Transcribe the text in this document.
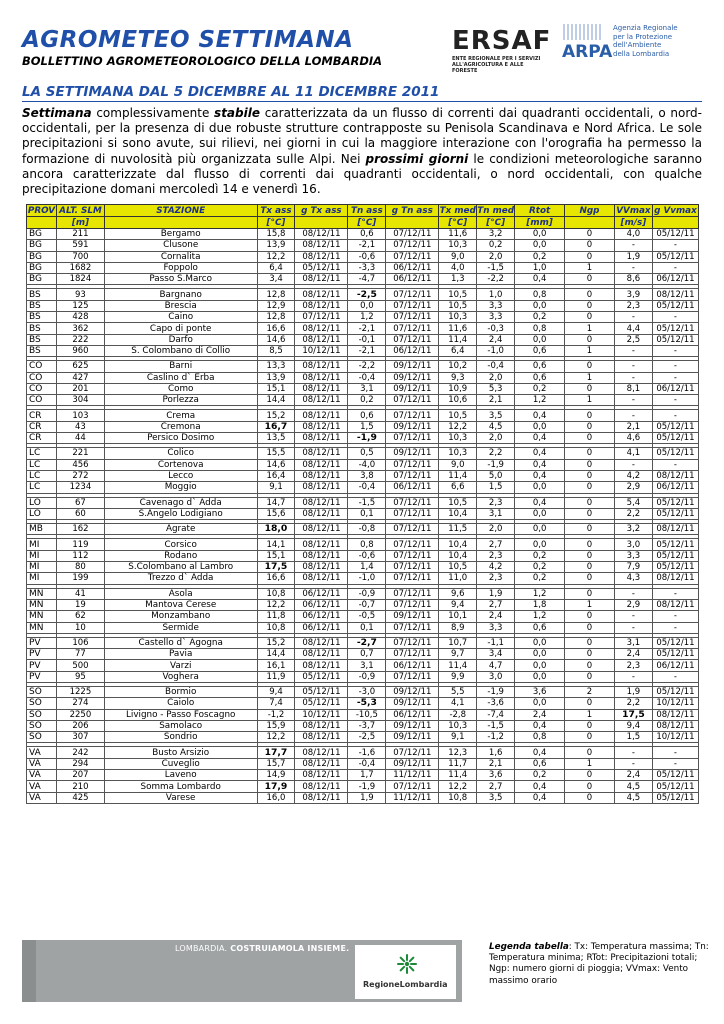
AGROMETEO SETTIMANA
BOLLETTINO AGROMETEOROLOGICO DELLA LOMBARDIA
ERSAF
ENTE REGIONALE PER I SERVIZI
ALL'AGRICOLTURA E ALLE FORESTE
ARPA
Agenzia Regionale
per la Protezione dell'Ambiente
della Lombardia
LA SETTIMANA DAL 5 DICEMBRE AL 11 DICEMBRE 2011
Settimana complessivamente stabile caratterizzata da un flusso di correnti dai quadranti occidentali, o nord-occidentali, per la presenza di due robuste strutture contrapposte su Penisola Scandinava e Nord Africa. Le sole precipitazioni si sono avute, sui rilievi, nei giorni in cui la maggiore interazione con l'orografia ha permesso la formazione di nuvolosità più organizzata sulle Alpi. Nei prossimi giorni le condizioni meteorologiche saranno ancora caratterizzate dal flusso di correnti dai quadranti occidentali, o nord occidentali, con qualche precipitazione domani mercoledì 14 e venerdì 16.
PROV	ALT. SLM	STAZIONE	Tx ass	g Tx ass	Tn ass	g Tn ass	Tx med	Tn med	Rtot	Ngp	VVmax	g Vvmax
	[m]		[°C]		[°C]		[°C]	[°C]	[mm]		[m/s]	
BG	211	Bergamo	15,8	08/12/11	0,6	07/12/11	11,6	3,2	0,0	0	4,0	05/12/11
BG	591	Clusone	13,9	08/12/11	-2,1	07/12/11	10,3	0,2	0,0	0	-	-
BG	700	Cornalita	12,2	08/12/11	-0,6	07/12/11	9,0	2,0	0,2	0	1,9	05/12/11
BG	1682	Foppolo	6,4	05/12/11	-3,3	06/12/11	4,0	-1,5	1,0	1	-	-
BG	1824	Passo S.Marco	3,4	08/12/11	-4,7	06/12/11	1,3	-2,2	0,4	0	8,6	06/12/11

BS	93	Bargnano	12,8	08/12/11	-2,5	07/12/11	10,5	1,0	0,8	0	3,9	08/12/11
BS	125	Brescia	12,9	08/12/11	0,0	07/12/11	10,5	3,3	0,0	0	2,3	05/12/11
BS	428	Caino	12,8	07/12/11	1,2	07/12/11	10,3	3,3	0,2	0	-	-
BS	362	Capo di ponte	16,6	08/12/11	-2,1	07/12/11	11,6	-0,3	0,8	1	4,4	05/12/11
BS	222	Darfo	14,6	08/12/11	-0,1	07/12/11	11,4	2,4	0,0	0	2,5	05/12/11
BS	960	S. Colombano di Collio	8,5	10/12/11	-2,1	06/12/11	6,4	-1,0	0,6	1	-	-

CO	625	Barni	13,3	08/12/11	-2,2	09/12/11	10,2	-0,4	0,6	0	-	-
CO	427	Caslino d` Erba	13,9	08/12/11	-0,4	09/12/11	9,3	2,0	0,6	1	-	-
CO	201	Como	15,1	08/12/11	3,1	09/12/11	10,9	5,3	0,2	0	8,1	06/12/11
CO	304	Porlezza	14,4	08/12/11	0,2	07/12/11	10,6	2,1	1,2	1	-	-

CR	103	Crema	15,2	08/12/11	0,6	07/12/11	10,5	3,5	0,4	0	-	-
CR	43	Cremona	16,7	08/12/11	1,5	09/12/11	12,2	4,5	0,0	0	2,1	05/12/11
CR	44	Persico Dosimo	13,5	08/12/11	-1,9	07/12/11	10,3	2,0	0,4	0	4,6	05/12/11

LC	221	Colico	15,5	08/12/11	0,5	09/12/11	10,3	2,2	0,4	0	4,1	05/12/11
LC	456	Cortenova	14,6	08/12/11	-4,0	07/12/11	9,0	-1,9	0,4	0	-	-
LC	272	Lecco	16,4	08/12/11	3,8	07/12/11	11,4	5,0	0,4	0	4,2	08/12/11
LC	1234	Moggio	9,1	08/12/11	-0,4	06/12/11	6,6	1,5	0,0	0	2,9	06/12/11

LO	67	Cavenago d` Adda	14,7	08/12/11	-1,5	07/12/11	10,5	2,3	0,4	0	5,4	05/12/11
LO	60	S.Angelo Lodigiano	15,6	08/12/11	0,1	07/12/11	10,4	3,1	0,0	0	2,2	05/12/11

MB	162	Agrate	18,0	08/12/11	-0,8	07/12/11	11,5	2,0	0,0	0	3,2	08/12/11

MI	119	Corsico	14,1	08/12/11	0,8	07/12/11	10,4	2,7	0,0	0	3,0	05/12/11
MI	112	Rodano	15,1	08/12/11	-0,6	07/12/11	10,4	2,3	0,2	0	3,3	05/12/11
MI	80	S.Colombano al Lambro	17,5	08/12/11	1,4	07/12/11	10,5	4,2	0,2	0	7,9	05/12/11
MI	199	Trezzo d` Adda	16,6	08/12/11	-1,0	07/12/11	11,0	2,3	0,2	0	4,3	08/12/11

MN	41	Asola	10,8	06/12/11	-0,9	07/12/11	9,6	1,9	1,2	0	-	-
MN	19	Mantova Cerese	12,2	06/12/11	-0,7	07/12/11	9,4	2,7	1,8	1	2,9	08/12/11
MN	62	Monzambano	11,8	06/12/11	-0,5	09/12/11	10,1	2,4	1,2	0	-	-
MN	10	Sermide	10,8	06/12/11	0,1	07/12/11	8,9	3,3	0,6	0	-	-

PV	106	Castello d` Agogna	15,2	08/12/11	-2,7	07/12/11	10,7	-1,1	0,0	0	3,1	05/12/11
PV	77	Pavia	14,4	08/12/11	0,7	07/12/11	9,7	3,4	0,0	0	2,4	05/12/11
PV	500	Varzi	16,1	08/12/11	3,1	06/12/11	11,4	4,7	0,0	0	2,3	06/12/11
PV	95	Voghera	11,9	05/12/11	-0,9	07/12/11	9,9	3,0	0,0	0	-	-

SO	1225	Bormio	9,4	05/12/11	-3,0	09/12/11	5,5	-1,9	3,6	2	1,9	05/12/11
SO	274	Caiolo	7,4	05/12/11	-5,3	09/12/11	4,1	-3,6	0,0	0	2,2	10/12/11
SO	2250	Livigno - Passo Foscagno	-1,2	10/12/11	-10,5	06/12/11	-2,8	-7,4	2,4	1	17,5	08/12/11
SO	206	Samolaco	15,9	08/12/11	-3,7	09/12/11	10,3	-1,5	0,4	0	9,4	08/12/11
SO	307	Sondrio	12,2	08/12/11	-2,5	09/12/11	9,1	-1,2	0,8	0	1,5	10/12/11

VA	242	Busto Arsizio	17,7	08/12/11	-1,6	07/12/11	12,3	1,6	0,4	0	-	-
VA	294	Cuveglio	15,7	08/12/11	-0,4	09/12/11	11,7	2,1	0,6	1	-	-
VA	207	Laveno	14,9	08/12/11	1,7	11/12/11	11,4	3,6	0,2	0	2,4	05/12/11
VA	210	Somma Lombardo	17,9	08/12/11	-1,9	07/12/11	12,2	2,7	0,4	0	4,5	05/12/11
VA	425	Varese	16,0	08/12/11	1,9	11/12/11	10,8	3,5	0,4	0	4,5	05/12/11
LOMBARDIA. COSTRUIAMOLA INSIEME.
RegioneLombardia
Legenda tabella: Tx: Temperatura massima; Tn: Temperatura minima; RTot: Precipitazioni totali; Ngp: numero giorni di pioggia; VVmax: Vento massimo orario
